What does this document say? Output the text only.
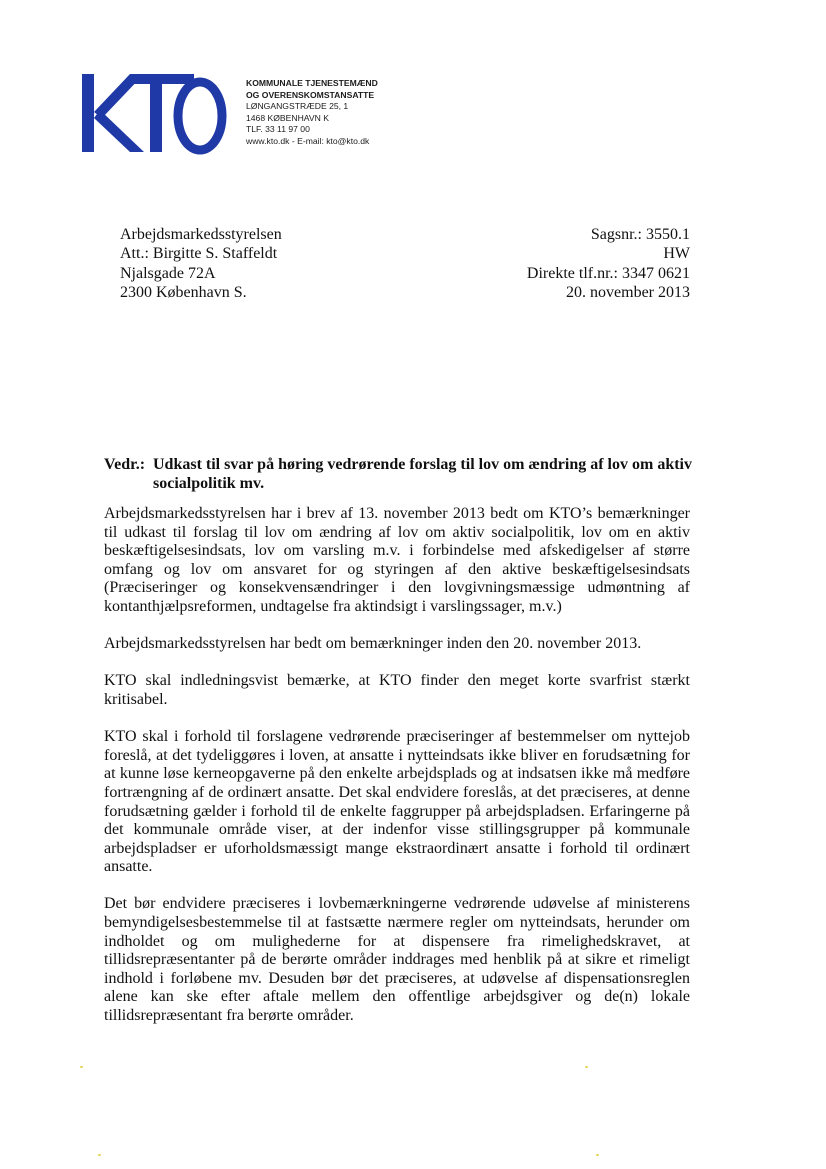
KOMMUNALE TJENESTEMÆND
OG OVERENSKOMSTANSATTE
LØNGANGSTRÆDE 25, 1
1468 KØBENHAVN K
TLF. 33 11 97 00
www.kto.dk - E-mail: kto@kto.dk
Arbejdsmarkedsstyrelsen
Att.: Birgitte S. Staffeldt
Njalsgade 72A
2300 København S.
Sagsnr.: 3550.1
HW
Direkte tlf.nr.: 3347 0621
20. november 2013
Vedr.: Udkast til svar på høring vedrørende forslag til lov om ændring af lov om aktiv socialpolitik mv.

Arbejdsmarkedsstyrelsen har i brev af 13. november 2013 bedt om KTO’s bemærkninger til udkast til forslag til lov om ændring af lov om aktiv socialpolitik, lov om en aktiv beskæftigelsesindsats, lov om varsling m.v. i forbindelse med afskedigelser af større omfang og lov om ansvaret for og styringen af den aktive beskæftigelsesindsats (Præciseringer og konsekvensændringer i den lovgivningsmæssige udmøntning af kontanthjælpsreformen, undtagelse fra aktindsigt i varslingssager, m.v.)

Arbejdsmarkedsstyrelsen har bedt om bemærkninger inden den 20. november 2013.

KTO skal indledningsvist bemærke, at KTO finder den meget korte svarfrist stærkt kritisabel.

KTO skal i forhold til forslagene vedrørende præciseringer af bestemmelser om nyttejob foreslå, at det tydeliggøres i loven, at ansatte i nytteindsats ikke bliver en forudsætning for at kunne løse kerneopgaverne på den enkelte arbejdsplads og at indsatsen ikke må medføre fortrængning af de ordinært ansatte. Det skal endvidere foreslås, at det præciseres, at denne forudsætning gælder i forhold til de enkelte faggrupper på arbejdspladsen. Erfaringerne på det kommunale område viser, at der indenfor visse stillingsgrupper på kommunale arbejdspladser er uforholdsmæssigt mange ekstraordinært ansatte i forhold til ordinært ansatte.

Det bør endvidere præciseres i lovbemærkningerne vedrørende udøvelse af ministerens bemyndigelsesbestemmelse til at fastsætte nærmere regler om nytteindsats, herunder om indholdet og om mulighederne for at dispensere fra rimelighedskravet, at tillidsrepræsentanter på de berørte områder inddrages med henblik på at sikre et rimeligt indhold i forløbene mv. Desuden bør det præciseres, at udøvelse af dispensationsreglen alene kan ske efter aftale mellem den offentlige arbejdsgiver og de(n) lokale tillidsrepræsentant fra berørte områder.
